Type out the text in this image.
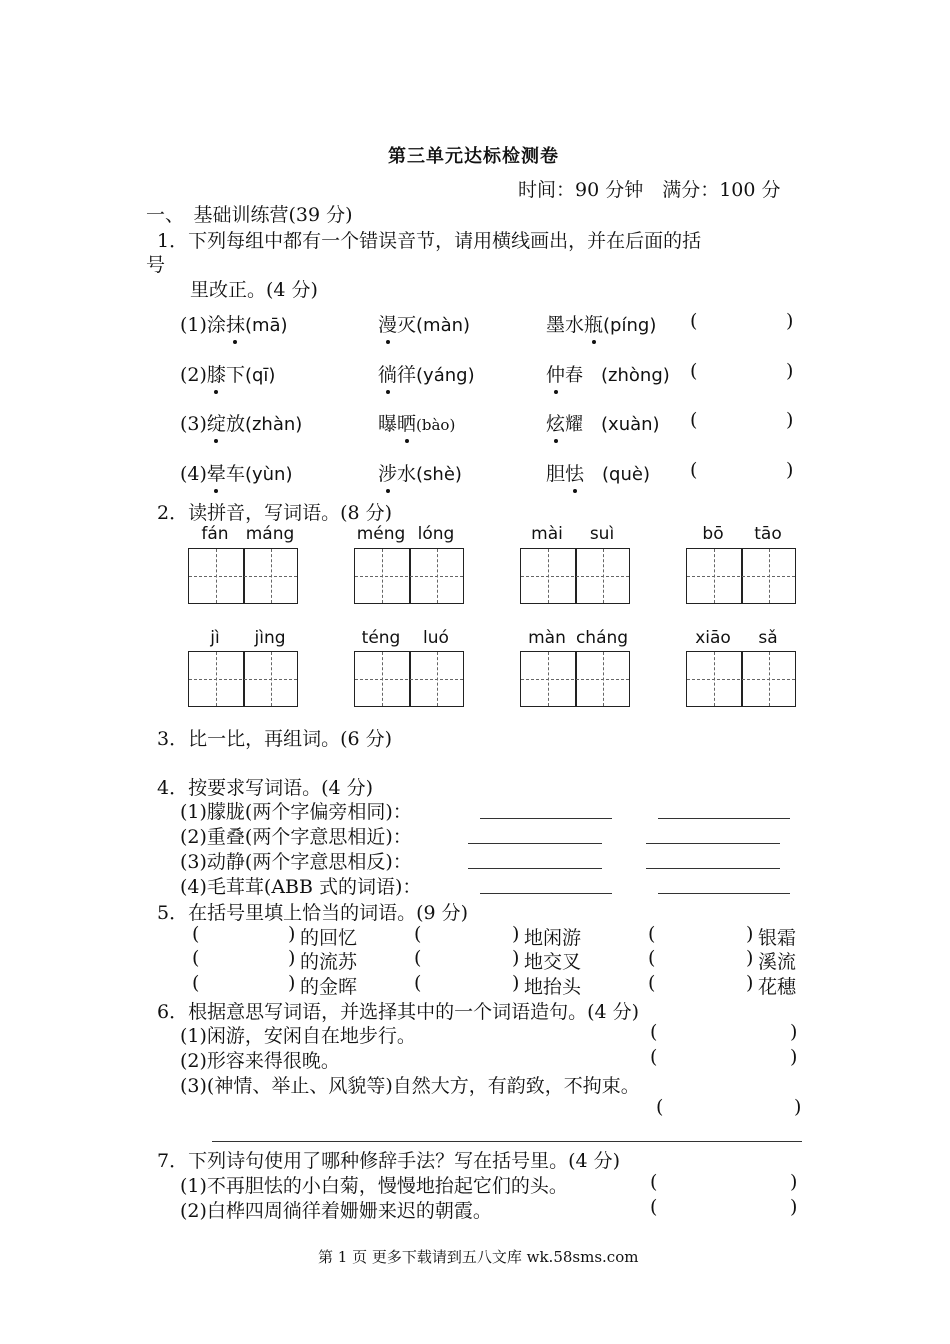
第三单元达标检测卷
时间：90 分钟　满分：100 分
一、　基础训练营(39 分)
1．下列每组中都有一个错误音节，请用横线画出，并在后面的括
号
里改正。(4 分)
(1)涂抹(mā)	漫灭(màn)	墨水瓶(píng) (	)
(2)膝下(qī)	徜徉(yáng)	仲春　(zhòng) (	)
(3)绽放(zhàn)	曝晒(bào)	炫耀　(xuàn) (	)
(4)晕车(yùn)	涉水(shè)	胆怯　(què) (	)
2．读拼音，写词语。(8 分)
fán máng	méng lóng	mài suì	bō tāo
jì jìng	téng luó	màn cháng	xiāo sǎ
3．比一比，再组词。(6 分)
4．按要求写词语。(4 分)
(1)朦胧(两个字偏旁相同)：
(2)重叠(两个字意思相近)：
(3)动静(两个字意思相反)：
(4)毛茸茸(ABB 式的词语)：
5．在括号里填上恰当的词语。(9 分)
(	) 的回忆	(	) 地闲游	(	) 银霜
(	) 的流苏	(	) 地交叉	(	) 溪流
(	) 的金晖	(	) 地抬头	(	) 花穗
6．根据意思写词语，并选择其中的一个词语造句。(4 分)
(1)闲游，安闲自在地步行。
(2)形容来得很晚。
(3)(神情、举止、风貌等)自然大方，有韵致，不拘束。
(	)
(	)
(	)
7．下列诗句使用了哪种修辞手法？写在括号里。(4 分)
(1)不再胆怯的小白菊，慢慢地抬起它们的头。	(	)
(2)白桦四周徜徉着姗姗来迟的朝霞。	(	)
第 1 页 更多下载请到五八文库 wk.58sms.com
